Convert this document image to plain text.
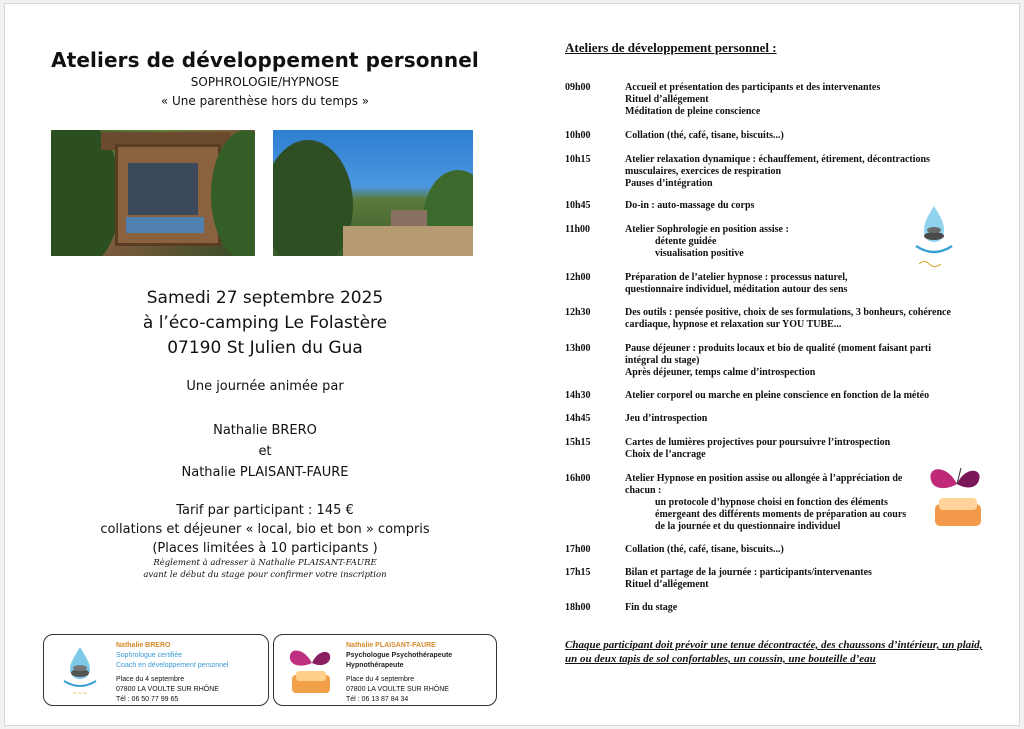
Ateliers de développement personnel
SOPHROLOGIE/HYPNOSE
« Une parenthèse hors du temps »
Samedi 27 septembre 2025
à l’éco-camping Le Folastère
07190 St Julien du Gua
Une journée animée par
Nathalie BRERO
et
Nathalie PLAISANT-FAURE
Tarif par participant : 145 €
collations et déjeuner « local, bio et bon » compris
(Places limitées à 10 participants )
Règlement à adresser à Nathalie PLAISANT-FAURE
avant le début du stage pour confirmer votre inscription
~~~
Nathalie BRERO
Sophrologue certifiée
Coach en développement personnel
Place du 4 septembre
07800 LA VOULTE SUR RHÔNE
Tél : 06 50 77 99 65
Nathalie PLAISANT-FAURE
Psychologue Psychothérapeute
Hypnothérapeute
Place du 4 septembre
07800 LA VOULTE SUR RHÔNE
Tél : 06 13 87 84 34
Ateliers de développement personnel :
09h00	Accueil et présentation des participants et des intervenantes
Rituel d’allégement
Méditation de pleine conscience
10h00	Collation (thé, café, tisane, biscuits...)
10h15	Atelier relaxation dynamique : échauffement, étirement, décontractions
musculaires, exercices de respiration
Pauses d’intégration
10h45	Do-in : auto-massage du corps
11h00	Atelier Sophrologie en position assise :
détente guidée
visualisation positive
12h00	Préparation de l’atelier hypnose : processus naturel,
questionnaire individuel, méditation autour des sens
12h30	Des outils : pensée positive, choix de ses formulations, 3 bonheurs, cohérence
cardiaque, hypnose et relaxation sur YOU TUBE...
13h00	Pause déjeuner : produits locaux et bio de qualité (moment faisant parti
intégral du stage)
Après déjeuner, temps calme d’introspection
14h30	Atelier corporel ou marche en pleine conscience en fonction de la météo
14h45	Jeu d’introspection
15h15	Cartes de lumières projectives pour poursuivre l’introspection
Choix de l’ancrage
16h00	Atelier Hypnose en position assise ou allongée à l’appréciation de
chacun :
un protocole d’hypnose choisi en fonction des éléments
émergeant des différents moments de préparation au cours
de la journée et du questionnaire individuel
17h00	Collation (thé, café, tisane, biscuits...)
17h15	Bilan et partage de la journée : participants/intervenantes
Rituel d’allégement
18h00	Fin du stage
Chaque participant doit prévoir une tenue décontractée, des chaussons d’intérieur, un plaid, un ou deux tapis de sol confortables, un coussin, une bouteille d’eau
